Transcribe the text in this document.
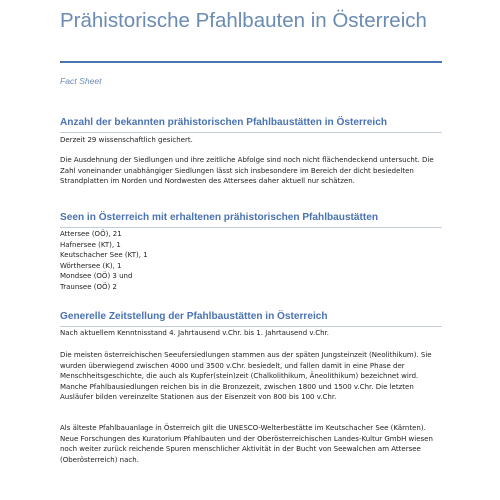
Prähistorische Pfahlbauten in Österreich

Fact Sheet

Anzahl der bekannten prähistorischen Pfahlbaustätten in Österreich

Derzeit 29 wissenschaftlich gesichert.

Die Ausdehnung der Siedlungen und ihre zeitliche Abfolge sind noch nicht flächendeckend untersucht. Die Zahl voneinander unabhängiger Siedlungen lässt sich insbesondere im Bereich der dicht besiedelten Strandplatten im Norden und Nordwesten des Attersees daher aktuell nur schätzen.

Seen in Österreich mit erhaltenen prähistorischen Pfahlbaustätten
Attersee (OÖ), 21
Hafnersee (KT), 1
Keutschacher See (KT), 1
Wörthersee (K), 1
Mondsee (OÖ) 3 und
Traunsee (OÖ) 2
Generelle Zeitstellung der Pfahlbaustätten in Österreich

Nach aktuellem Kenntnisstand 4. Jahrtausend v.Chr. bis 1. Jahrtausend v.Chr.

Die meisten österreichischen Seeufersiedlungen stammen aus der späten Jungsteinzeit (Neolithikum). Sie wurden überwiegend zwischen 4000 und 3500 v.Chr. besiedelt, und fallen damit in eine Phase der Menschheitsgeschichte, die auch als Kupfer(stein)zeit (Chalkolithikum, Äneolithikum) bezeichnet wird. Manche Pfahlbausiedlungen reichen bis in die Bronzezeit, zwischen 1800 und 1500 v.Chr. Die letzten Ausläufer bilden vereinzelte Stationen aus der Eisenzeit von 800 bis 100 v.Chr.

Als älteste Pfahlbauanlage in Österreich gilt die UNESCO-Welterbestätte im Keutschacher See (Kärnten). Neue Forschungen des Kuratorium Pfahlbauten und der Oberösterreichischen Landes-Kultur GmbH wiesen noch weiter zurück reichende Spuren menschlicher Aktivität in der Bucht von Seewalchen am Attersee (Oberösterreich) nach.
